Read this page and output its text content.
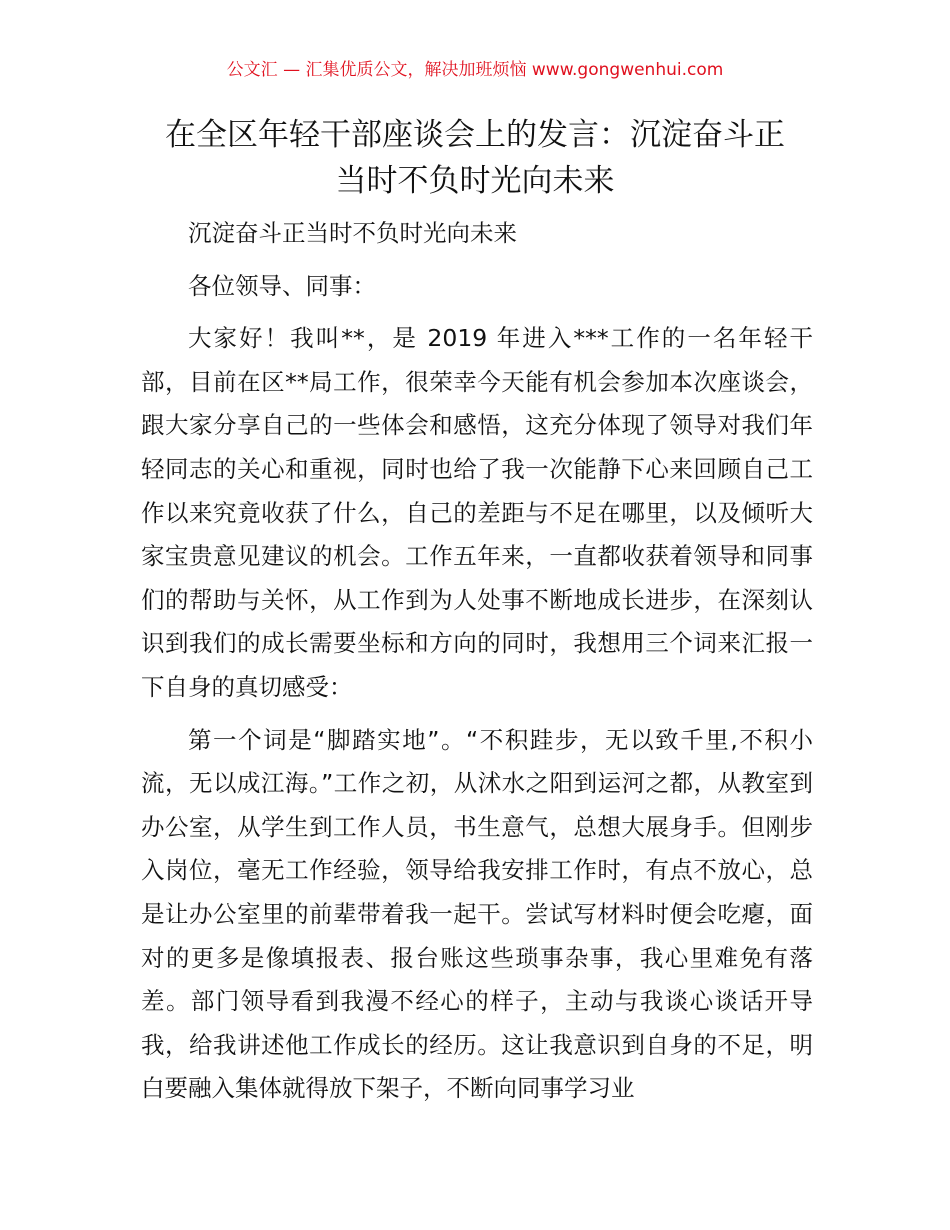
公文汇 — 汇集优质公文，解决加班烦恼 www.gongwenhui.com
在全区年轻干部座谈会上的发言：沉淀奋斗正
当时不负时光向未来

沉淀奋斗正当时不负时光向未来

各位领导、同事：

大家好！我叫**，是 2019 年进入***工作的一名年轻干部，目前在区**局工作，很荣幸今天能有机会参加本次座谈会，跟大家分享自己的一些体会和感悟，这充分体现了领导对我们年轻同志的关心和重视，同时也给了我一次能静下心来回顾自己工作以来究竟收获了什么，自己的差距与不足在哪里，以及倾听大家宝贵意见建议的机会。工作五年来，一直都收获着领导和同事们的帮助与关怀，从工作到为人处事不断地成长进步，在深刻认识到我们的成长需要坐标和方向的同时，我想用三个词来汇报一下自身的真切感受：

第一个词是“脚踏实地”。“不积跬步，无以致千里,不积小流，无以成江海。”工作之初，从沭水之阳到运河之都，从教室到办公室，从学生到工作人员，书生意气，总想大展身手。但刚步入岗位，毫无工作经验，领导给我安排工作时，有点不放心，总是让办公室里的前辈带着我一起干。尝试写材料时便会吃瘪，面对的更多是像填报表、报台账这些琐事杂事，我心里难免有落差。部门领导看到我漫不经心的样子，主动与我谈心谈话开导我，给我讲述他工作成长的经历。这让我意识到自身的不足，明白要融入集体就得放下架子，不断向同事学习业
